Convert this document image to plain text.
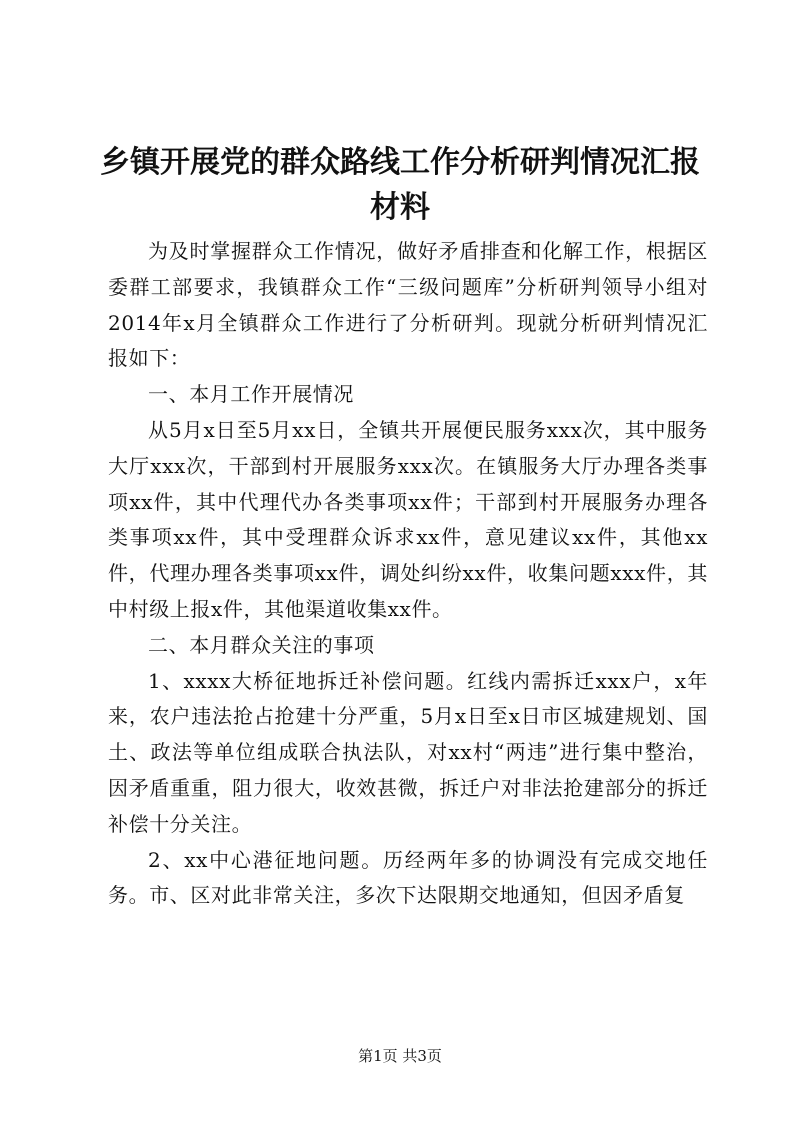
乡镇开展党的群众路线工作分析研判情况汇报材料

为及时掌握群众工作情况，做好矛盾排查和化解工作，根据区委群工部要求，我镇群众工作“三级问题库”分析研判领导小组对2014年x月全镇群众工作进行了分析研判。现就分析研判情况汇报如下：

一、本月工作开展情况

从5月x日至5月xx日，全镇共开展便民服务xxx次，其中服务大厅xxx次，干部到村开展服务xxx次。在镇服务大厅办理各类事项xx件，其中代理代办各类事项xx件；干部到村开展服务办理各类事项xx件，其中受理群众诉求xx件，意见建议xx件，其他xx件，代理办理各类事项xx件，调处纠纷xx件，收集问题xxx件，其中村级上报x件，其他渠道收集xx件。

二、本月群众关注的事项

1、xxxx大桥征地拆迁补偿问题。红线内需拆迁xxx户，x年来，农户违法抢占抢建十分严重，5月x日至x日市区城建规划、国土、政法等单位组成联合执法队，对xx村“两违”进行集中整治，因矛盾重重，阻力很大，收效甚微，拆迁户对非法抢建部分的拆迁补偿十分关注。

2、xx中心港征地问题。历经两年多的协调没有完成交地任务。市、区对此非常关注，多次下达限期交地通知，但因矛盾复

第1页 共3页
